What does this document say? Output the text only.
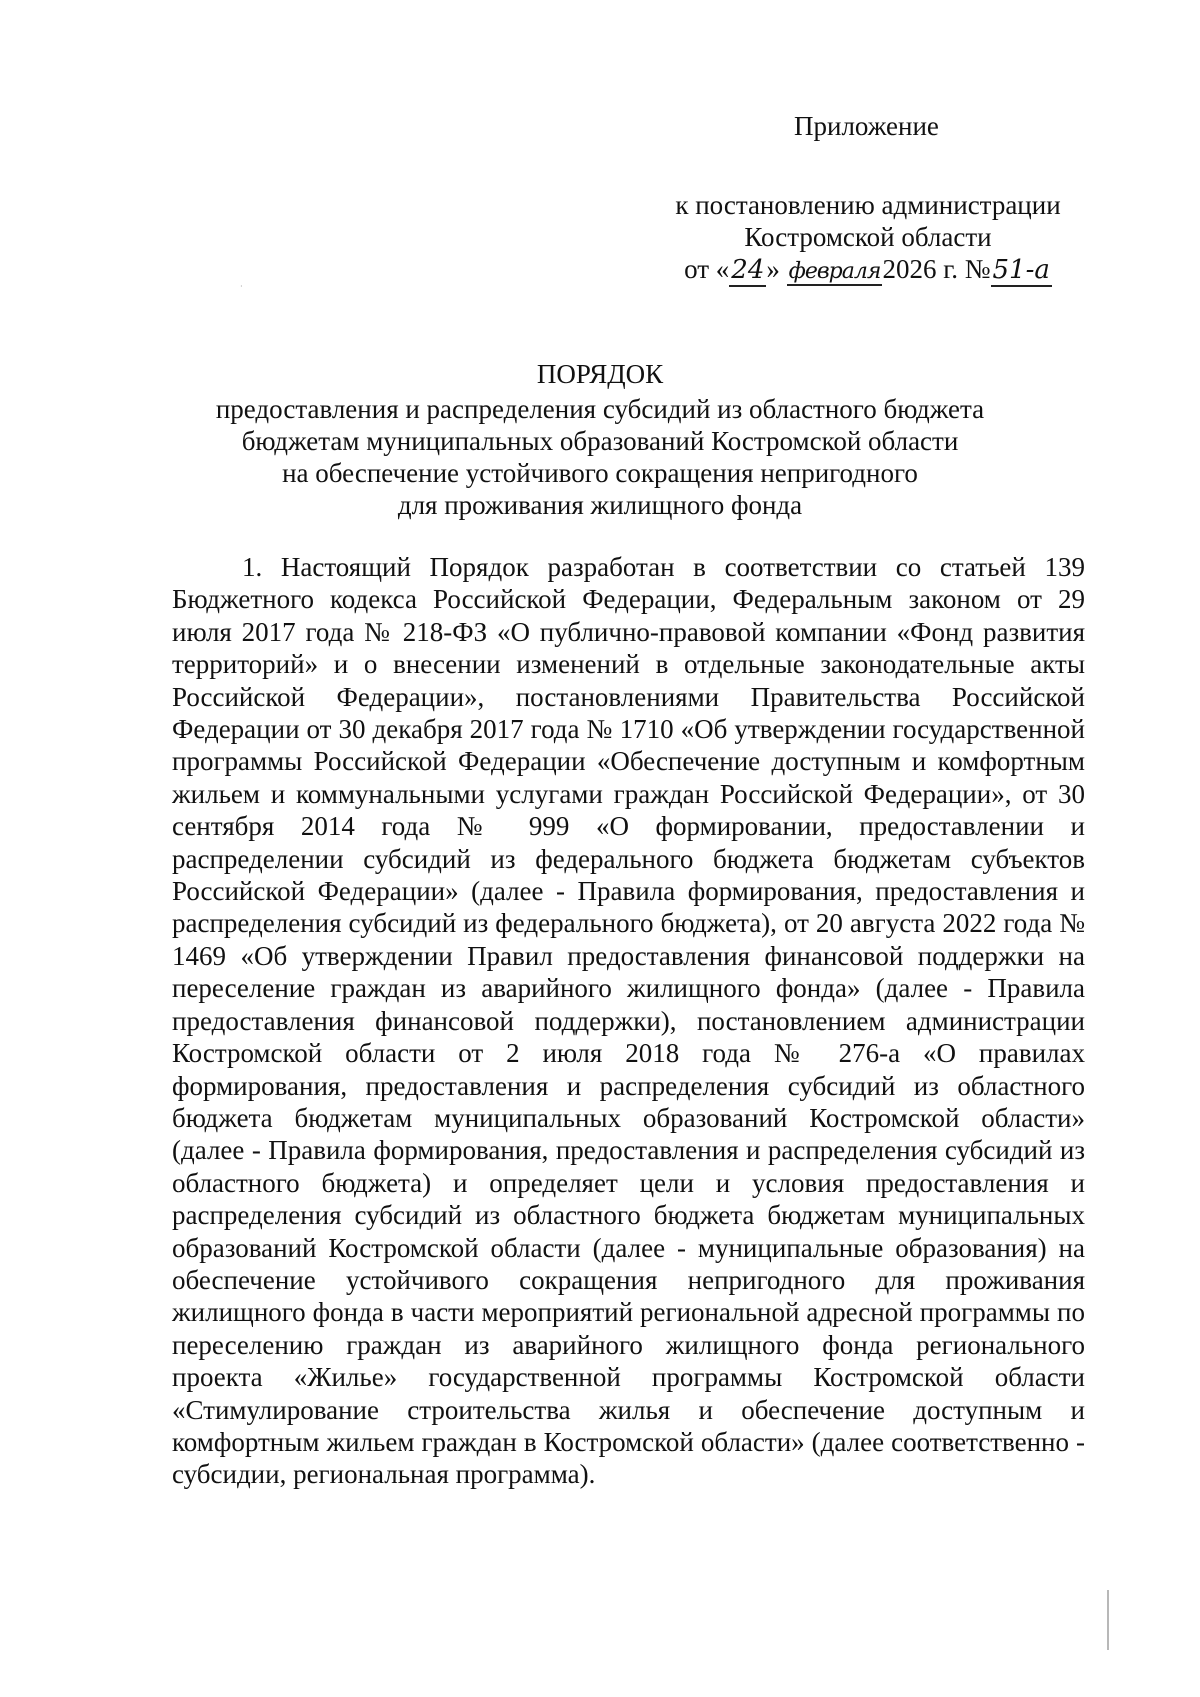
Приложение
к постановлению администрации
Костромской области
от «24» февраля2026 г. №51-а
·
ПОРЯДОК
предоставления и распределения субсидий из областного бюджета
бюджетам муниципальных образований Костромской области
на обеспечение устойчивого сокращения непригодного
для проживания жилищного фонда

1. Настоящий Порядок разработан в соответствии со статьей 139 Бюджетного кодекса Российской Федерации, Федеральным законом от 29 июля 2017 года № 218-ФЗ «О публично-правовой компании «Фонд развития территорий» и о внесении изменений в отдельные законодательные акты Российской Федерации», постановлениями Правительства Российской Федерации от 30 декабря 2017 года № 1710 «Об утверждении государственной программы Российской Федерации «Обеспечение доступным и комфортным жильем и коммунальными услугами граждан Российской Федерации», от 30 сентября 2014 года № 999 «О формировании, предоставлении и распределении субсидий из федерального бюджета бюджетам субъектов Российской Федерации» (далее - Правила формирования, предоставления и распределения субсидий из федерального бюджета), от 20 августа 2022 года № 1469 «Об утверждении Правил предоставления финансовой поддержки на переселение граждан из аварийного жилищного фонда» (далее - Правила предоставления финансовой поддержки), постановлением администрации Костромской области от 2 июля 2018 года № 276-а «О правилах формирования, предоставления и распределения субсидий из областного бюджета бюджетам муниципальных образований Костромской области» (далее - Правила формирования, предоставления и распределения субсидий из областного бюджета) и определяет цели и условия предоставления и распределения субсидий из областного бюджета бюджетам муниципальных образований Костромской области (далее - муниципальные образования) на обеспечение устойчивого сокращения непригодного для проживания жилищного фонда в части мероприятий региональной адресной программы по переселению граждан из аварийного жилищного фонда регионального проекта «Жилье» государственной программы Костромской области «Стимулирование строительства жилья и обеспечение доступным и комфортным жильем граждан в Костромской области» (далее соответственно - субсидии, региональная программа).
